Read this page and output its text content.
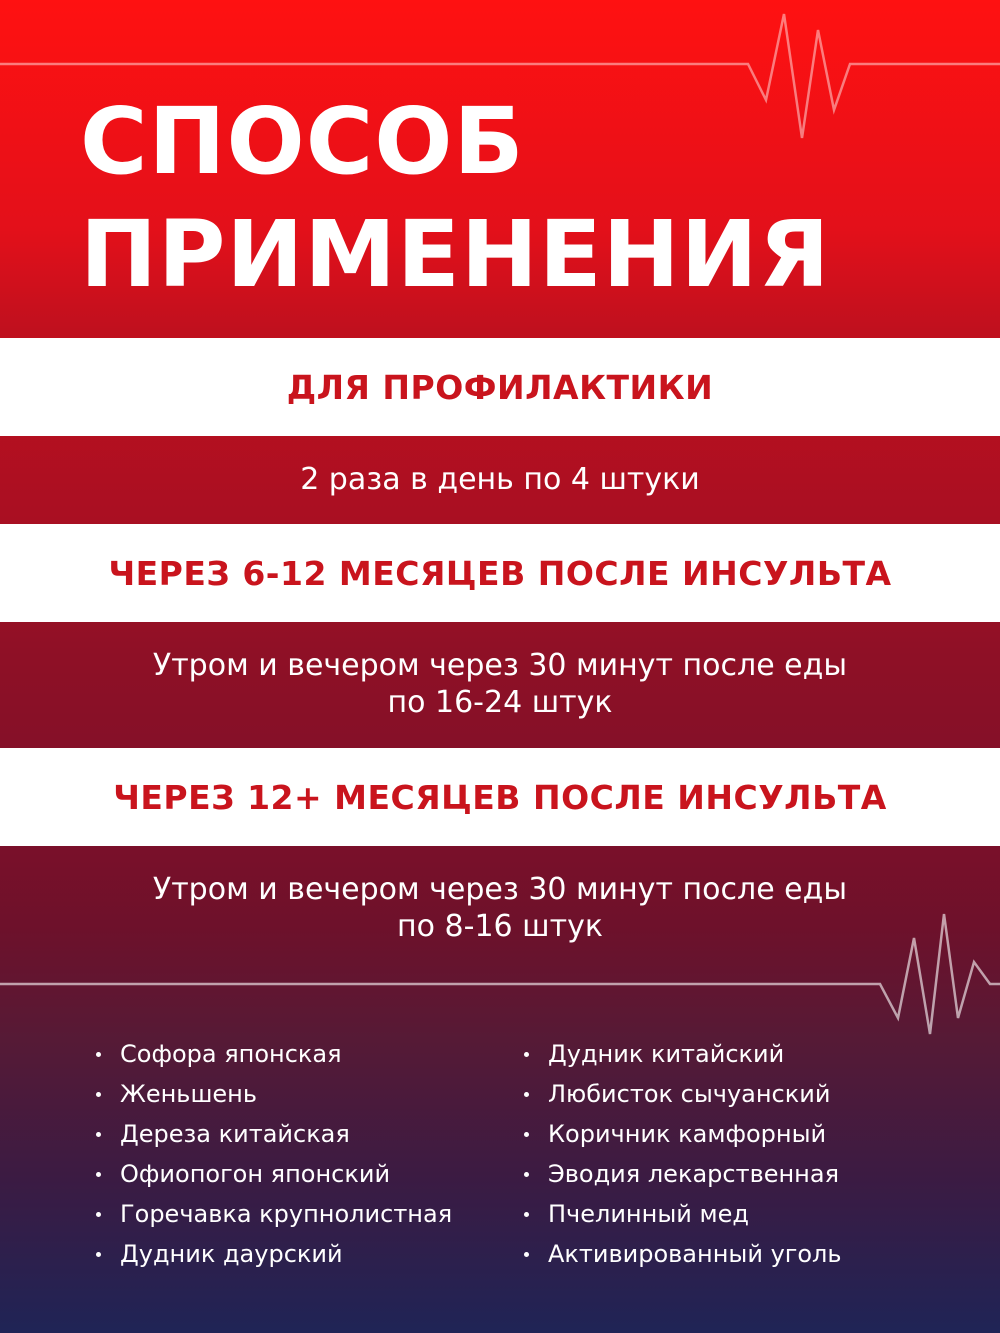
СПОСОБ
ПРИМЕНЕНИЯ
ДЛЯ ПРОФИЛАКТИКИ
2 раза в день по 4 штуки
ЧЕРЕЗ 6-12 МЕСЯЦЕВ ПОСЛЕ ИНСУЛЬТА
Утром и вечером через 30 минут после еды
по 16-24 штук
ЧЕРЕЗ 12+ МЕСЯЦЕВ ПОСЛЕ ИНСУЛЬТА
Утром и вечером через 30 минут после еды
по 8-16 штук
Софора японская
Женьшень
Дереза китайская
Офиопогон японский
Горечавка крупнолистная
Дудник даурский
Дудник китайский
Любисток сычуанский
Коричник камфорный
Эводия лекарственная
Пчелинный мед
Активированный уголь
